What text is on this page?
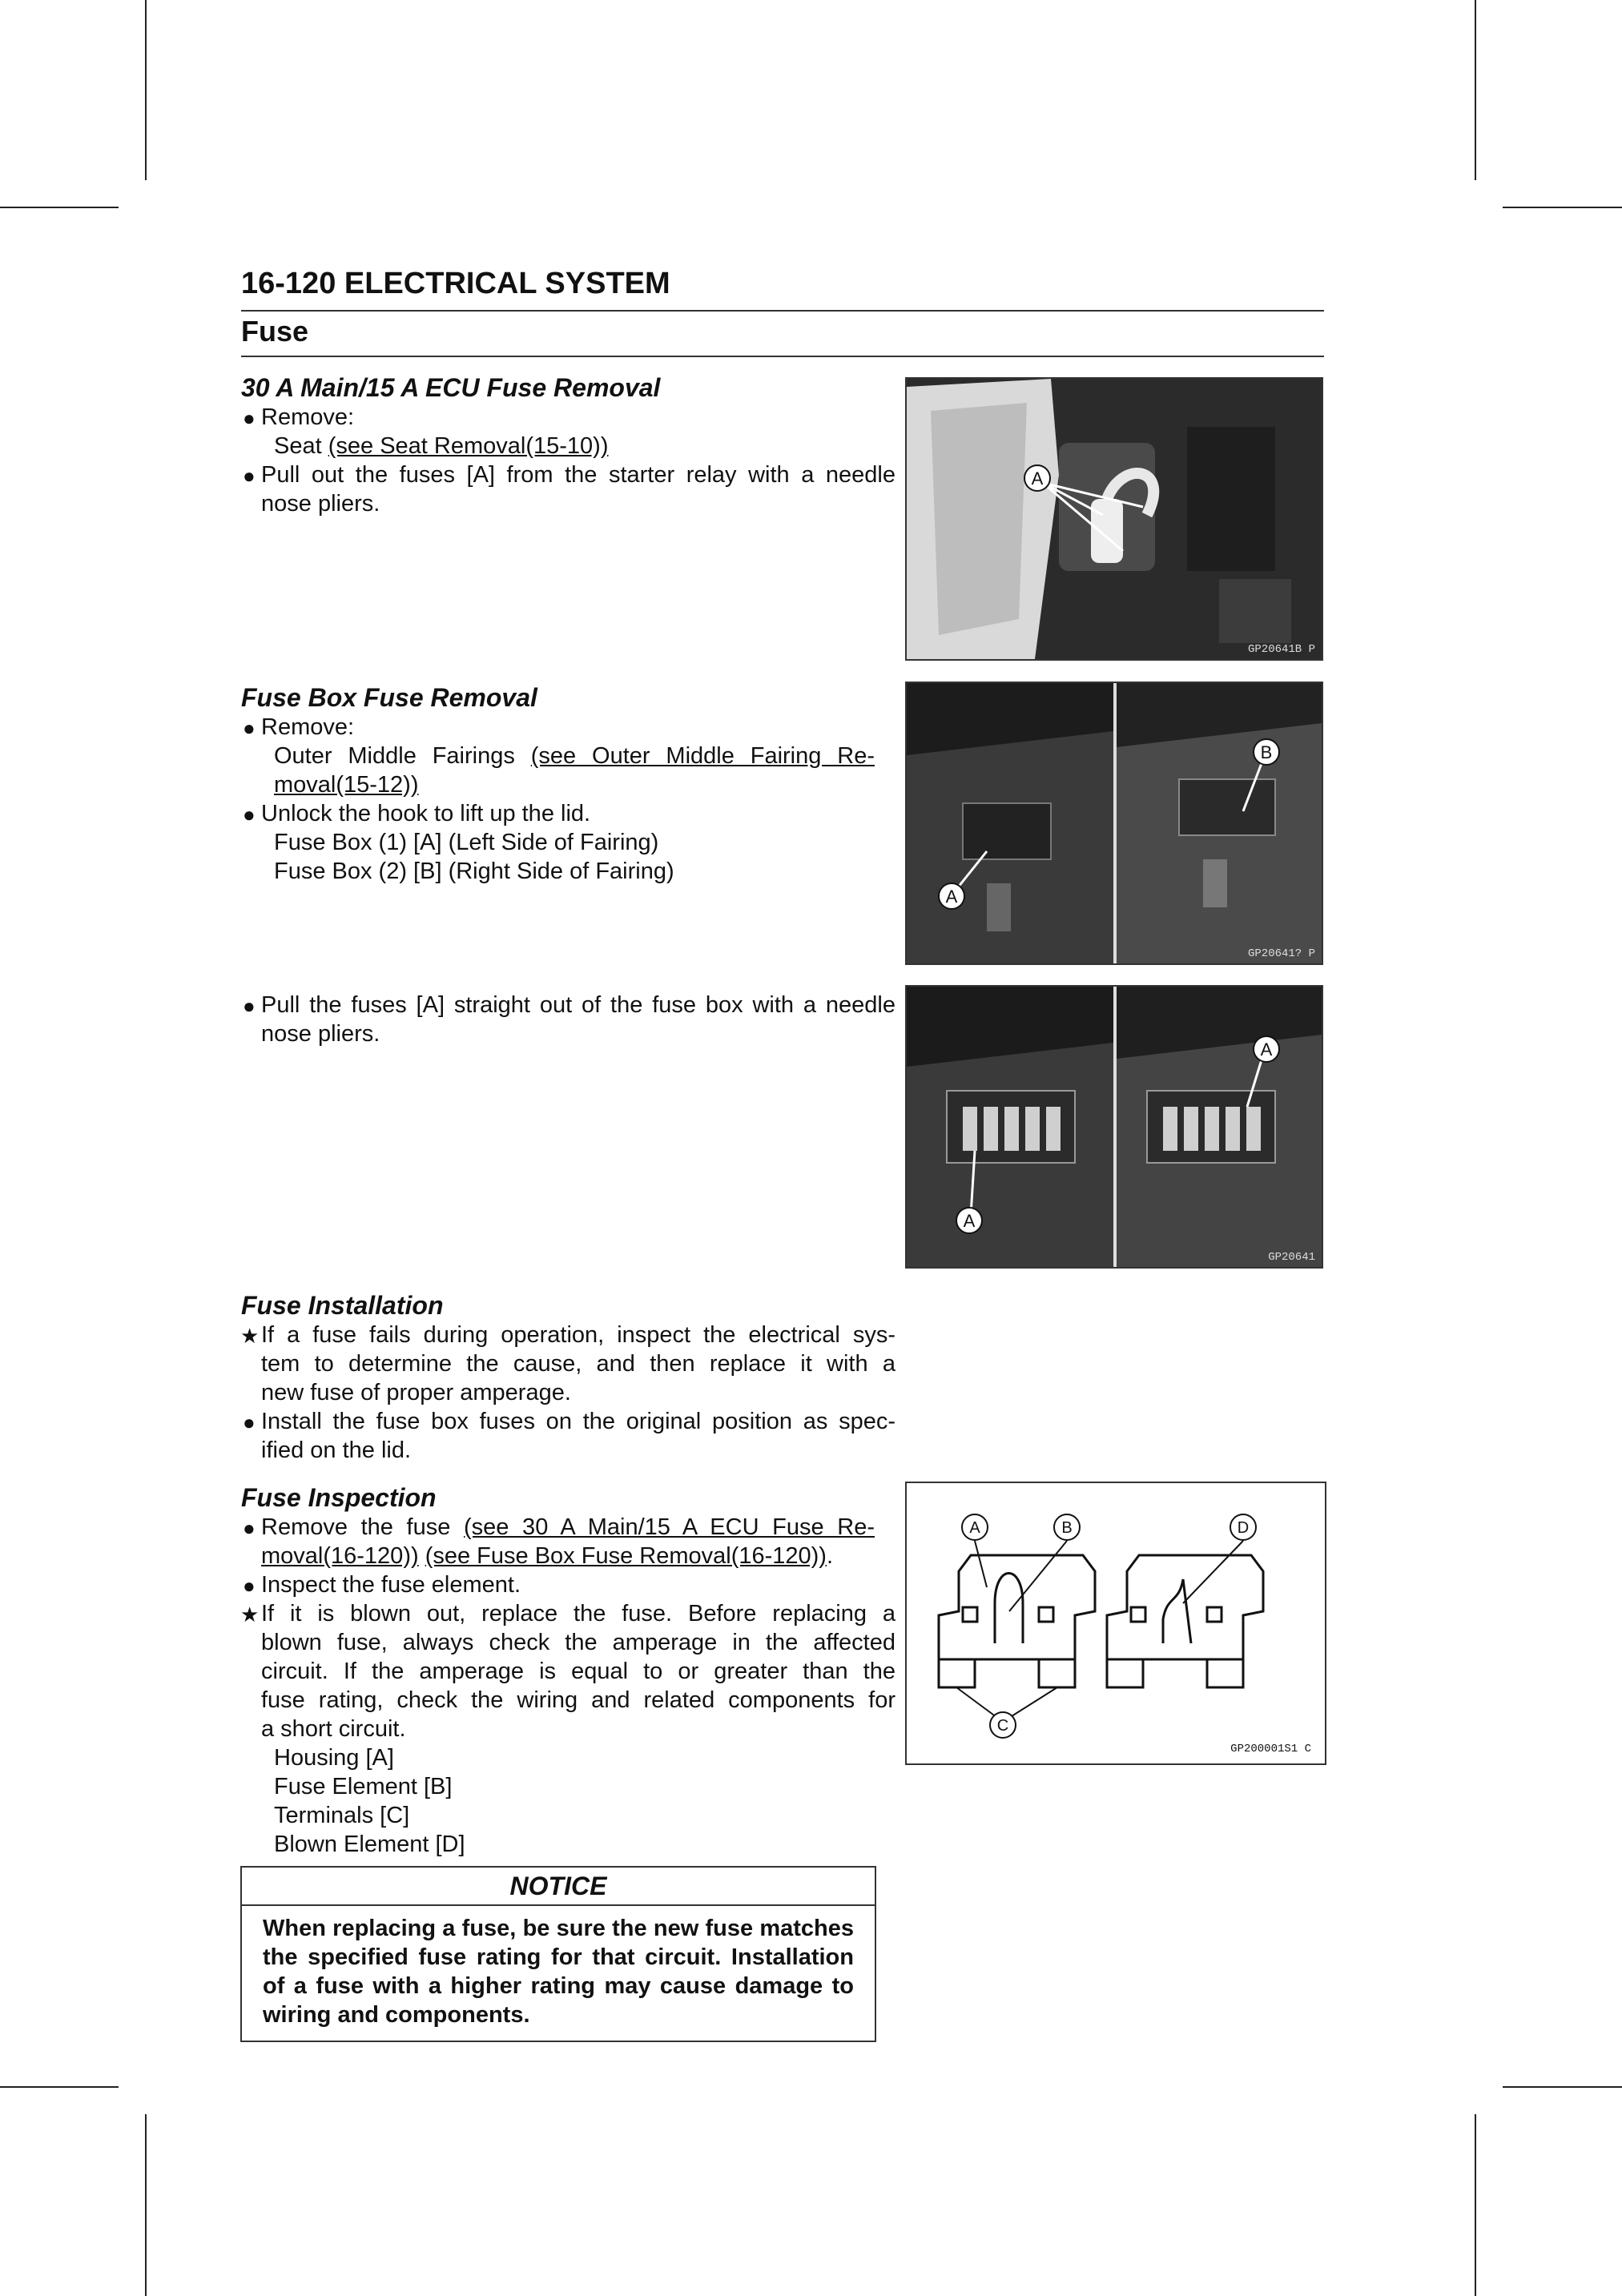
16-120 ELECTRICAL SYSTEM
Fuse
30 A Main/15 A ECU Fuse Removal
● Remove:
Seat (see Seat Removal(15-10))
● Pull out the fuses [A] from the starter relay with a needle
nose pliers.
A
GP20641B P
Fuse Box Fuse Removal
● Remove:
Outer Middle Fairings (see Outer Middle Fairing Re-
moval(15-12))
● Unlock the hook to lift up the lid.
Fuse Box (1) [A] (Left Side of Fairing)
Fuse Box (2) [B] (Right Side of Fairing)
A
B
GP20641? P
● Pull the fuses [A] straight out of the fuse box with a needle
nose pliers.
A
A
GP20641
Fuse Installation
★ If a fuse fails during operation, inspect the electrical sys-
tem to determine the cause, and then replace it with a
new fuse of proper amperage.
● Install the fuse box fuses on the original position as spec-
ified on the lid.
Fuse Inspection
● Remove the fuse (see 30 A Main/15 A ECU Fuse Re-
moval(16-120)) (see Fuse Box Fuse Removal(16-120)).
● Inspect the fuse element.
★ If it is blown out, replace the fuse. Before replacing a
blown fuse, always check the amperage in the affected
circuit. If the amperage is equal to or greater than the
fuse rating, check the wiring and related components for
a short circuit.
Housing [A]
Fuse Element [B]
Terminals [C]
Blown Element [D]
A	B	D
C
GP200001S1 C
NOTICE
When replacing a fuse, be sure the new fuse matches the specified fuse rating for that circuit. Installation of a fuse with a higher rating may cause damage to wiring and components.
